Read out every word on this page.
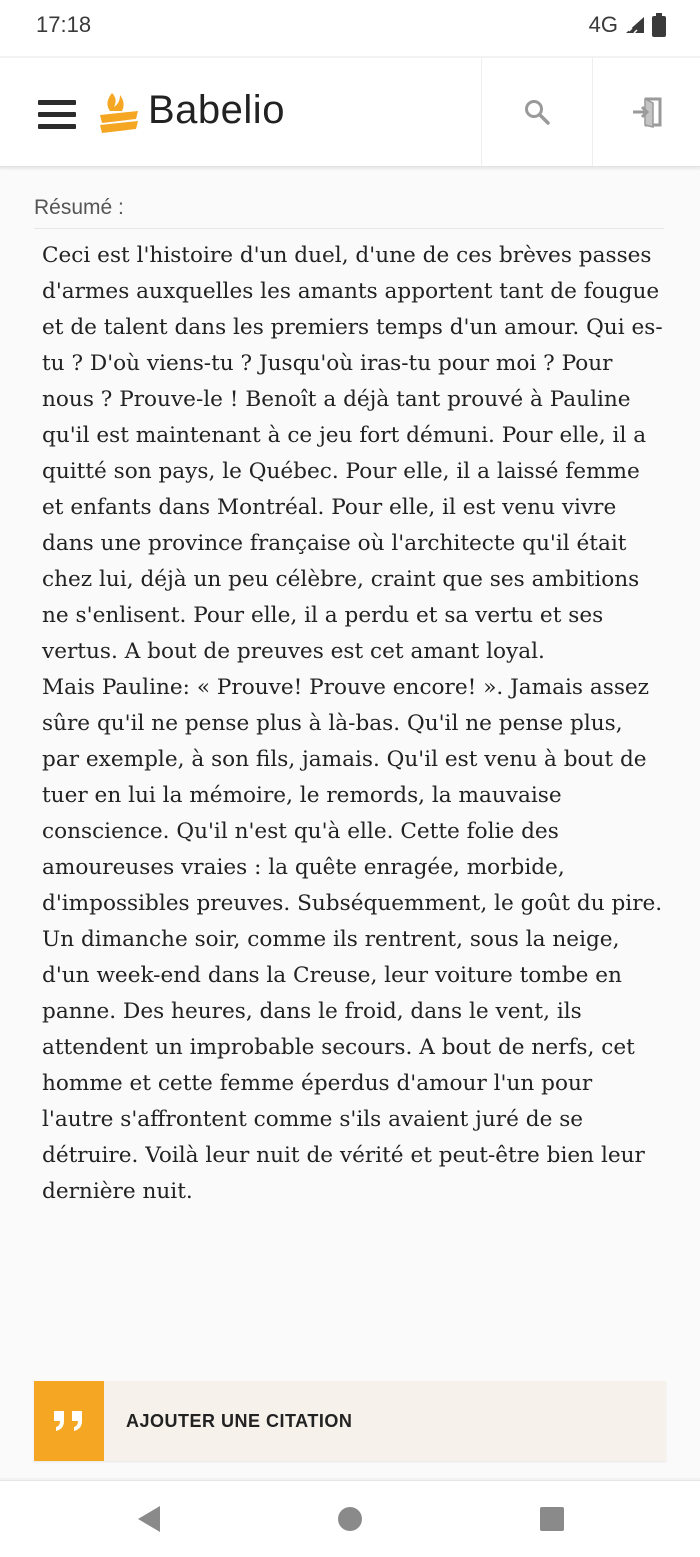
17:18	4G
Babelio
Résumé :

Ceci est l'histoire d'un duel, d'une de ces brèves passes d'armes auxquelles les amants apportent tant de fougue et de talent dans les premiers temps d'un amour. Qui es-tu ? D'où viens-tu ? Jusqu'où iras-tu pour moi ? Pour nous ? Prouve-le ! Benoît a déjà tant prouvé à Pauline qu'il est maintenant à ce jeu fort démuni. Pour elle, il a quitté son pays, le Québec. Pour elle, il a laissé femme et enfants dans Montréal. Pour elle, il est venu vivre dans une province française où l'architecte qu'il était chez lui, déjà un peu célèbre, craint que ses ambitions ne s'enlisent. Pour elle, il a perdu et sa vertu et ses vertus. A bout de preuves est cet amant loyal.

Mais Pauline: « Prouve! Prouve encore! ». Jamais assez sûre qu'il ne pense plus à là-bas. Qu'il ne pense plus, par exemple, à son fils, jamais. Qu'il est venu à bout de tuer en lui la mémoire, le remords, la mauvaise conscience. Qu'il n'est qu'à elle. Cette folie des amoureuses vraies : la quête enragée, morbide, d'impossibles preuves. Subséquemment, le goût du pire.

Un dimanche soir, comme ils rentrent, sous la neige, d'un week-end dans la Creuse, leur voiture tombe en panne. Des heures, dans le froid, dans le vent, ils attendent un improbable secours. A bout de nerfs, cet homme et cette femme éperdus d'amour l'un pour l'autre s'affrontent comme s'ils avaient juré de se détruire. Voilà leur nuit de vérité et peut-être bien leur dernière nuit.

AJOUTER UNE CITATION
